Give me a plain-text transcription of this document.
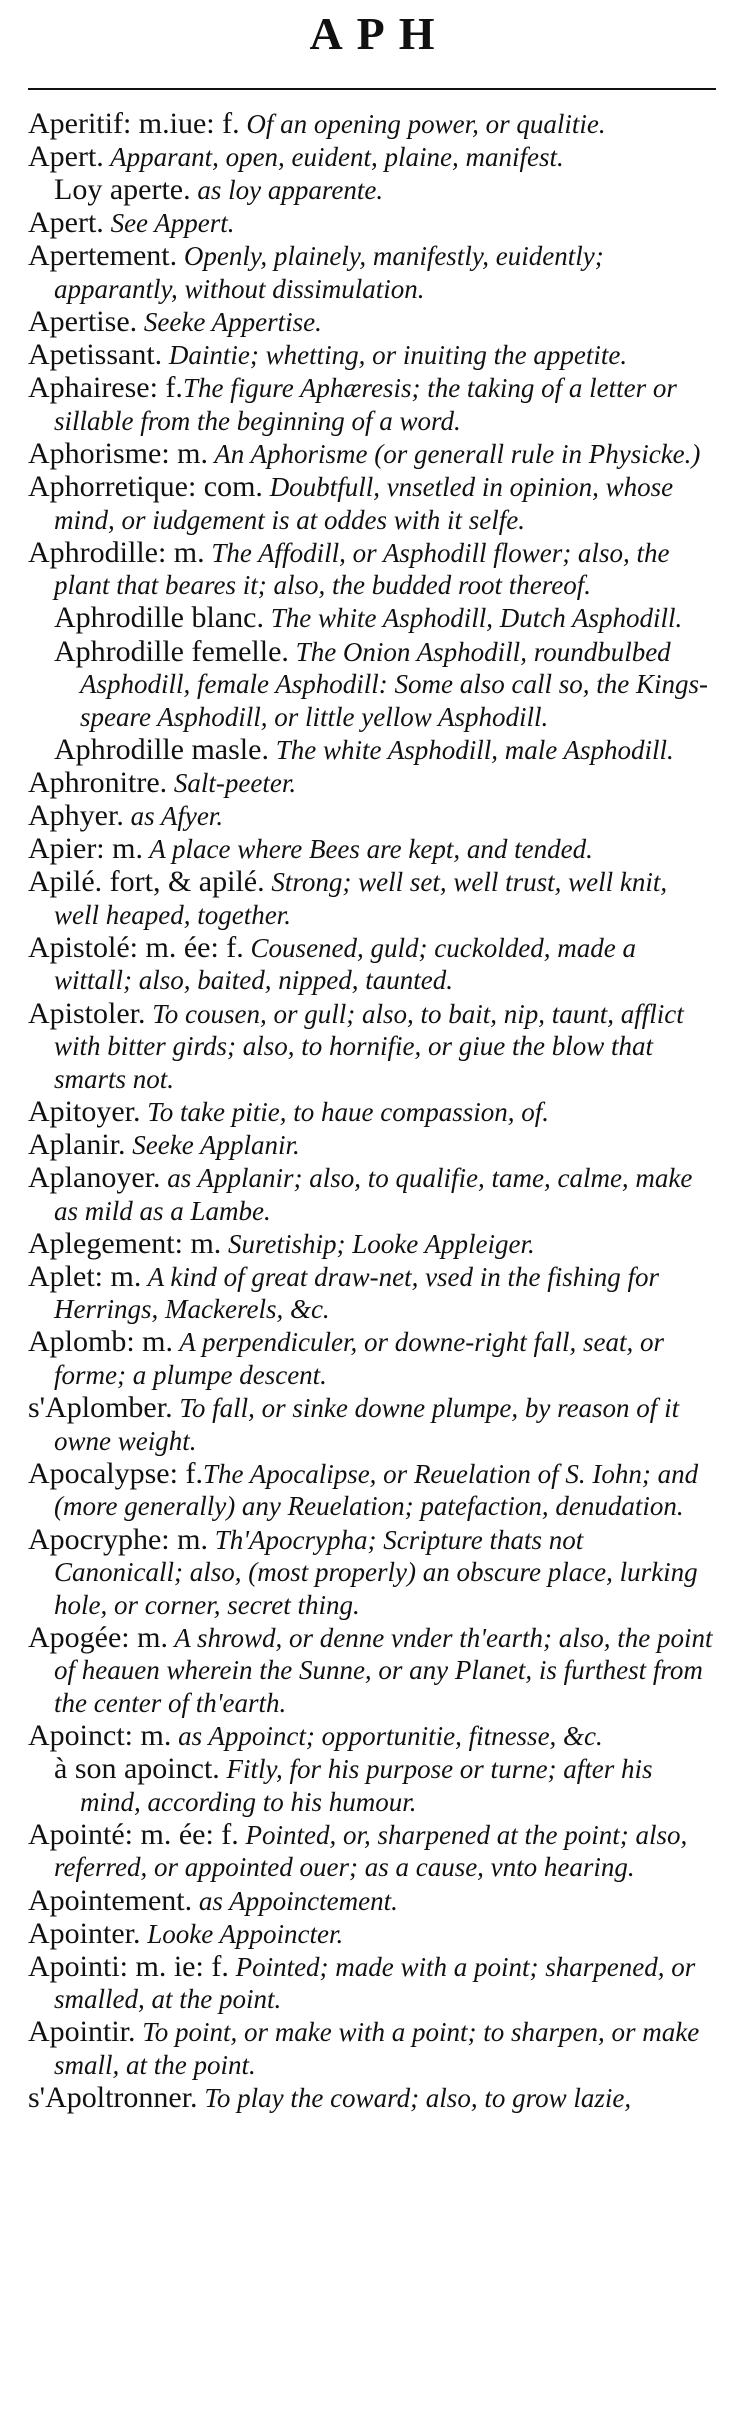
APH
Aperitif: m.iue: f. Of an opening power, or qualitie.
Apert. Apparant, open, euident, plaine, manifest.
Loy aperte. as loy apparente.
Apert. See Appert.
Apertement. Openly, plainely, manifestly, euidently; apparantly, without dissimulation.
Apertise. Seeke Appertise.
Apetissant. Daintie; whetting, or inuiting the appetite.
Aphairese: f.The figure Aphæresis; the taking of a letter or sillable from the beginning of a word.
Aphorisme: m. An Aphorisme (or generall rule in Physicke.)
Aphorretique: com. Doubtfull, vnsetled in opinion, whose mind, or iudgement is at oddes with it selfe.
Aphrodille: m. The Affodill, or Asphodill flower; also, the plant that beares it; also, the budded root thereof.
Aphrodille blanc. The white Asphodill, Dutch Asphodill.
Aphrodille femelle. The Onion Asphodill, roundbulbed Asphodill, female Asphodill: Some also call so, the Kings-speare Asphodill, or little yellow Asphodill.
Aphrodille masle. The white Asphodill, male Asphodill.
Aphronitre. Salt-peeter.
Aphyer. as Afyer.
Apier: m. A place where Bees are kept, and tended.
Apilé. fort, & apilé. Strong; well set, well trust, well knit, well heaped, together.
Apistolé: m. ée: f. Cousened, guld; cuckolded, made a wittall; also, baited, nipped, taunted.
Apistoler. To cousen, or gull; also, to bait, nip, taunt, afflict with bitter girds; also, to hornifie, or giue the blow that smarts not.
Apitoyer. To take pitie, to haue compassion, of.
Aplanir. Seeke Applanir.
Aplanoyer. as Applanir; also, to qualifie, tame, calme, make as mild as a Lambe.
Aplegement: m. Suretiship; Looke Appleiger.
Aplet: m. A kind of great draw-net, vsed in the fishing for Herrings, Mackerels, &c.
Aplomb: m. A perpendiculer, or downe-right fall, seat, or forme; a plumpe descent.
s'Aplomber. To fall, or sinke downe plumpe, by reason of it owne weight.
Apocalypse: f.The Apocalipse, or Reuelation of S. Iohn; and (more generally) any Reuelation; patefaction, denudation.
Apocryphe: m. Th'Apocrypha; Scripture thats not Canonicall; also, (most properly) an obscure place, lurking hole, or corner, secret thing.
Apogée: m. A shrowd, or denne vnder th'earth; also, the point of heauen wherein the Sunne, or any Planet, is furthest from the center of th'earth.
Apoinct: m. as Appoinct; opportunitie, fitnesse, &c.
à son apoinct. Fitly, for his purpose or turne; after his mind, according to his humour.
Apointé: m. ée: f. Pointed, or, sharpened at the point; also, referred, or appointed ouer; as a cause, vnto hearing.
Apointement. as Appoinctement.
Apointer. Looke Appoincter.
Apointi: m. ie: f. Pointed; made with a point; sharpened, or smalled, at the point.
Apointir. To point, or make with a point; to sharpen, or make small, at the point.
s'Apoltronner. To play the coward; also, to grow lazie,
